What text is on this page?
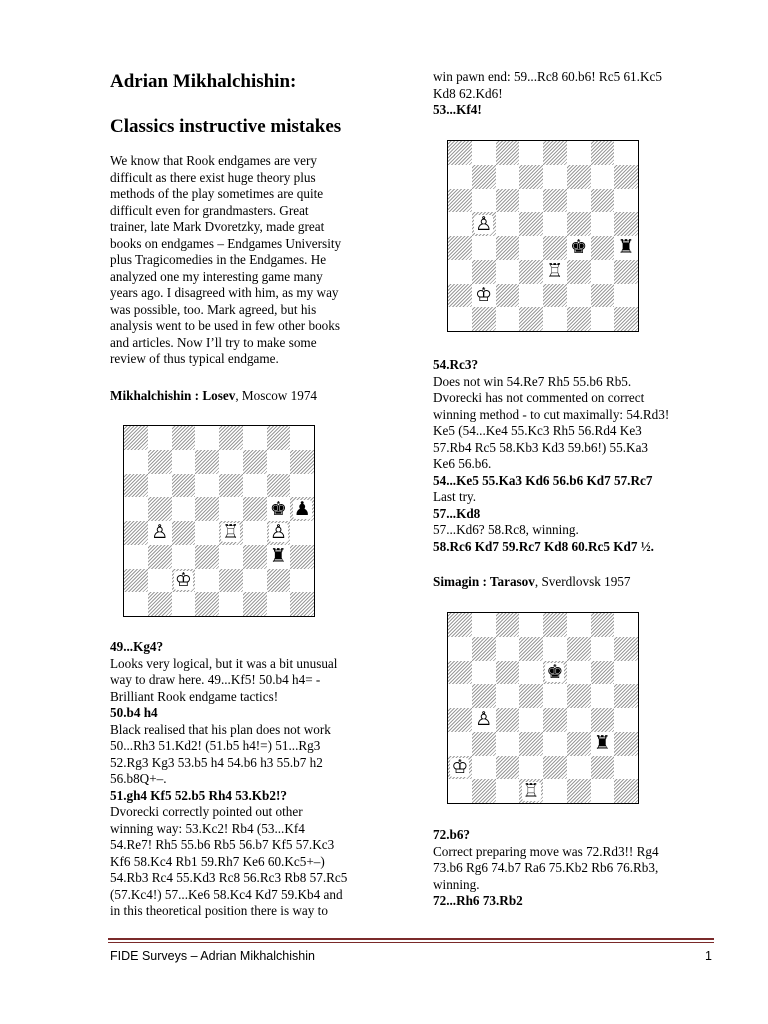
Adrian Mikhalchishin:
Classics instructive mistakes
We know that Rook endgames are very
difficult as there exist huge theory plus
methods of the play sometimes are quite
difficult even for grandmasters. Great
trainer, late Mark Dvoretzky, made great
books on endgames – Endgames University
plus Tragicomedies in the Endgames. He
analyzed one my interesting game many
years ago. I disagreed with him, as my way
was possible, too. Mark agreed, but his
analysis went to be used in few other books
and articles. Now I’ll try to make some
review of thus typical endgame.
Mikhalchishin : Losev, Moscow 1974
♚ ♟
♙	♖ ♙
♜
♔
49...Kg4?
Looks very logical, but it was a bit unusual
way to draw here. 49...Kf5! 50.b4 h4= -
Brilliant Rook endgame tactics!
50.b4 h4
Black realised that his plan does not work
50...Rh3 51.Kd2! (51.b5 h4!=) 51...Rg3
52.Rg3 Kg3 53.b5 h4 54.b6 h3 55.b7 h2
56.b8Q+–.
51.gh4 Kf5 52.b5 Rh4 53.Kb2!?
Dvorecki correctly pointed out other
winning way: 53.Kc2! Rb4 (53...Kf4
54.Re7! Rh5 55.b6 Rb5 56.b7 Kf5 57.Kc3
Kf6 58.Kc4 Rb1 59.Rh7 Ke6 60.Kc5+–)
54.Rb3 Rc4 55.Kd3 Rc8 56.Rc3 Rb8 57.Rc5
(57.Kc4!) 57...Ke6 58.Kc4 Kd7 59.Kb4 and
in this theoretical position there is way to
win pawn end: 59...Rc8 60.b6! Rc5 61.Kc5
Kd8 62.Kd6!
53...Kf4!
♙
♚ ♜
♖
♔
54.Rc3?
Does not win 54.Re7 Rh5 55.b6 Rb5.
Dvorecki has not commented on correct
winning method - to cut maximally: 54.Rd3!
Ke5 (54...Ke4 55.Kc3 Rh5 56.Rd4 Ke3
57.Rb4 Rc5 58.Kb3 Kd3 59.b6!) 55.Ka3
Ke6 56.b6.
54...Ke5 55.Ka3 Kd6 56.b6 Kd7 57.Rc7
Last try.
57...Kd8
57...Kd6? 58.Rc8, winning.
58.Rc6 Kd7 59.Rc7 Kd8 60.Rc5 Kd7 ½.
Simagin : Tarasov, Sverdlovsk 1957
♚
♙
♜
♔
♖
72.b6?
Correct preparing move was 72.Rd3!! Rg4
73.b6 Rg6 74.b7 Ra6 75.Kb2 Rb6 76.Rb3,
winning.
72...Rh6 73.Rb2
FIDE Surveys – Adrian Mikhalchishin	1
